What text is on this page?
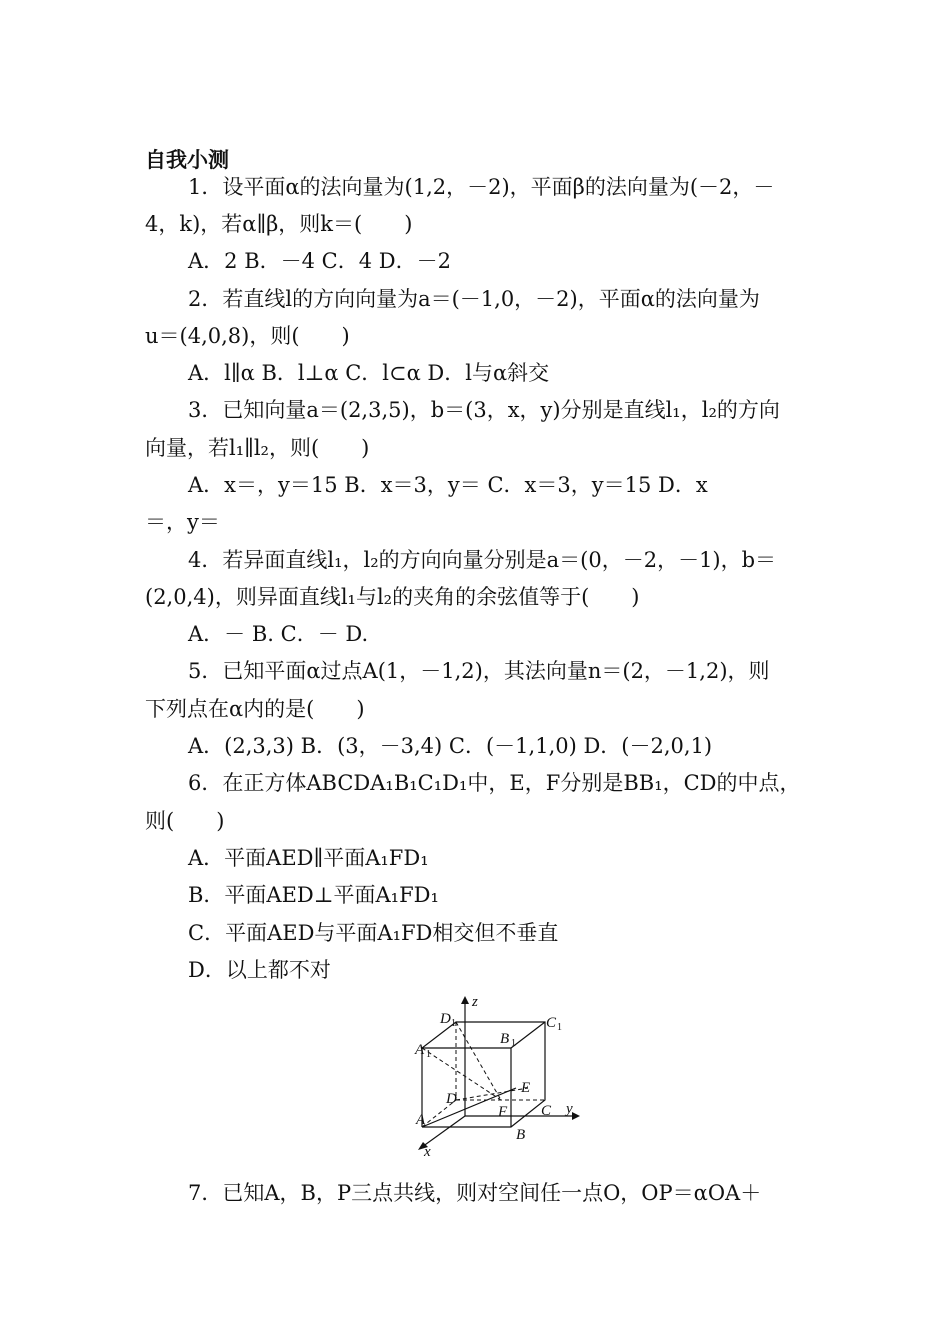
自我小测
1．设平面α的法向量为(1,2，－2)，平面β的法向量为(－2，－
4，k)，若α∥β，则k＝(　　)
A．2 B．－4 C．4 D．－2
2．若直线l的方向向量为a＝(－1,0，－2)，平面α的法向量为
u＝(4,0,8)，则(　　)
A．l∥α B．l⊥α C．l⊂α D．l与α斜交
3．已知向量a＝(2,3,5)，b＝(3，x，y)分别是直线l₁，l₂的方向
向量，若l₁∥l₂，则(　　)
A．x＝，y＝15 B．x＝3，y＝ C．x＝3，y＝15 D．x
＝，y＝
4．若异面直线l₁，l₂的方向向量分别是a＝(0，－2，－1)，b＝
(2,0,4)，则异面直线l₁与l₂的夹角的余弦值等于(　　)
A．－ B. C．－ D.
5．已知平面α过点A(1，－1,2)，其法向量n＝(2，－1,2)，则
下列点在α内的是(　　)
A．(2,3,3) B．(3，－3,4) C．(－1,1,0) D．(－2,0,1)
6．在正方体ABCDA₁B₁C₁D₁中，E，F分别是BB₁，CD的中点，
则(　　)
A．平面AED∥平面A₁FD₁
B．平面AED⊥平面A₁FD₁
C．平面AED与平面A₁FD相交但不垂直
D．以上都不对
z
y
x
D 1	C 1
B 1
A 1
D
E
F C
A
B
7．已知A，B，P三点共线，则对空间任一点O，OP＝αOA＋
